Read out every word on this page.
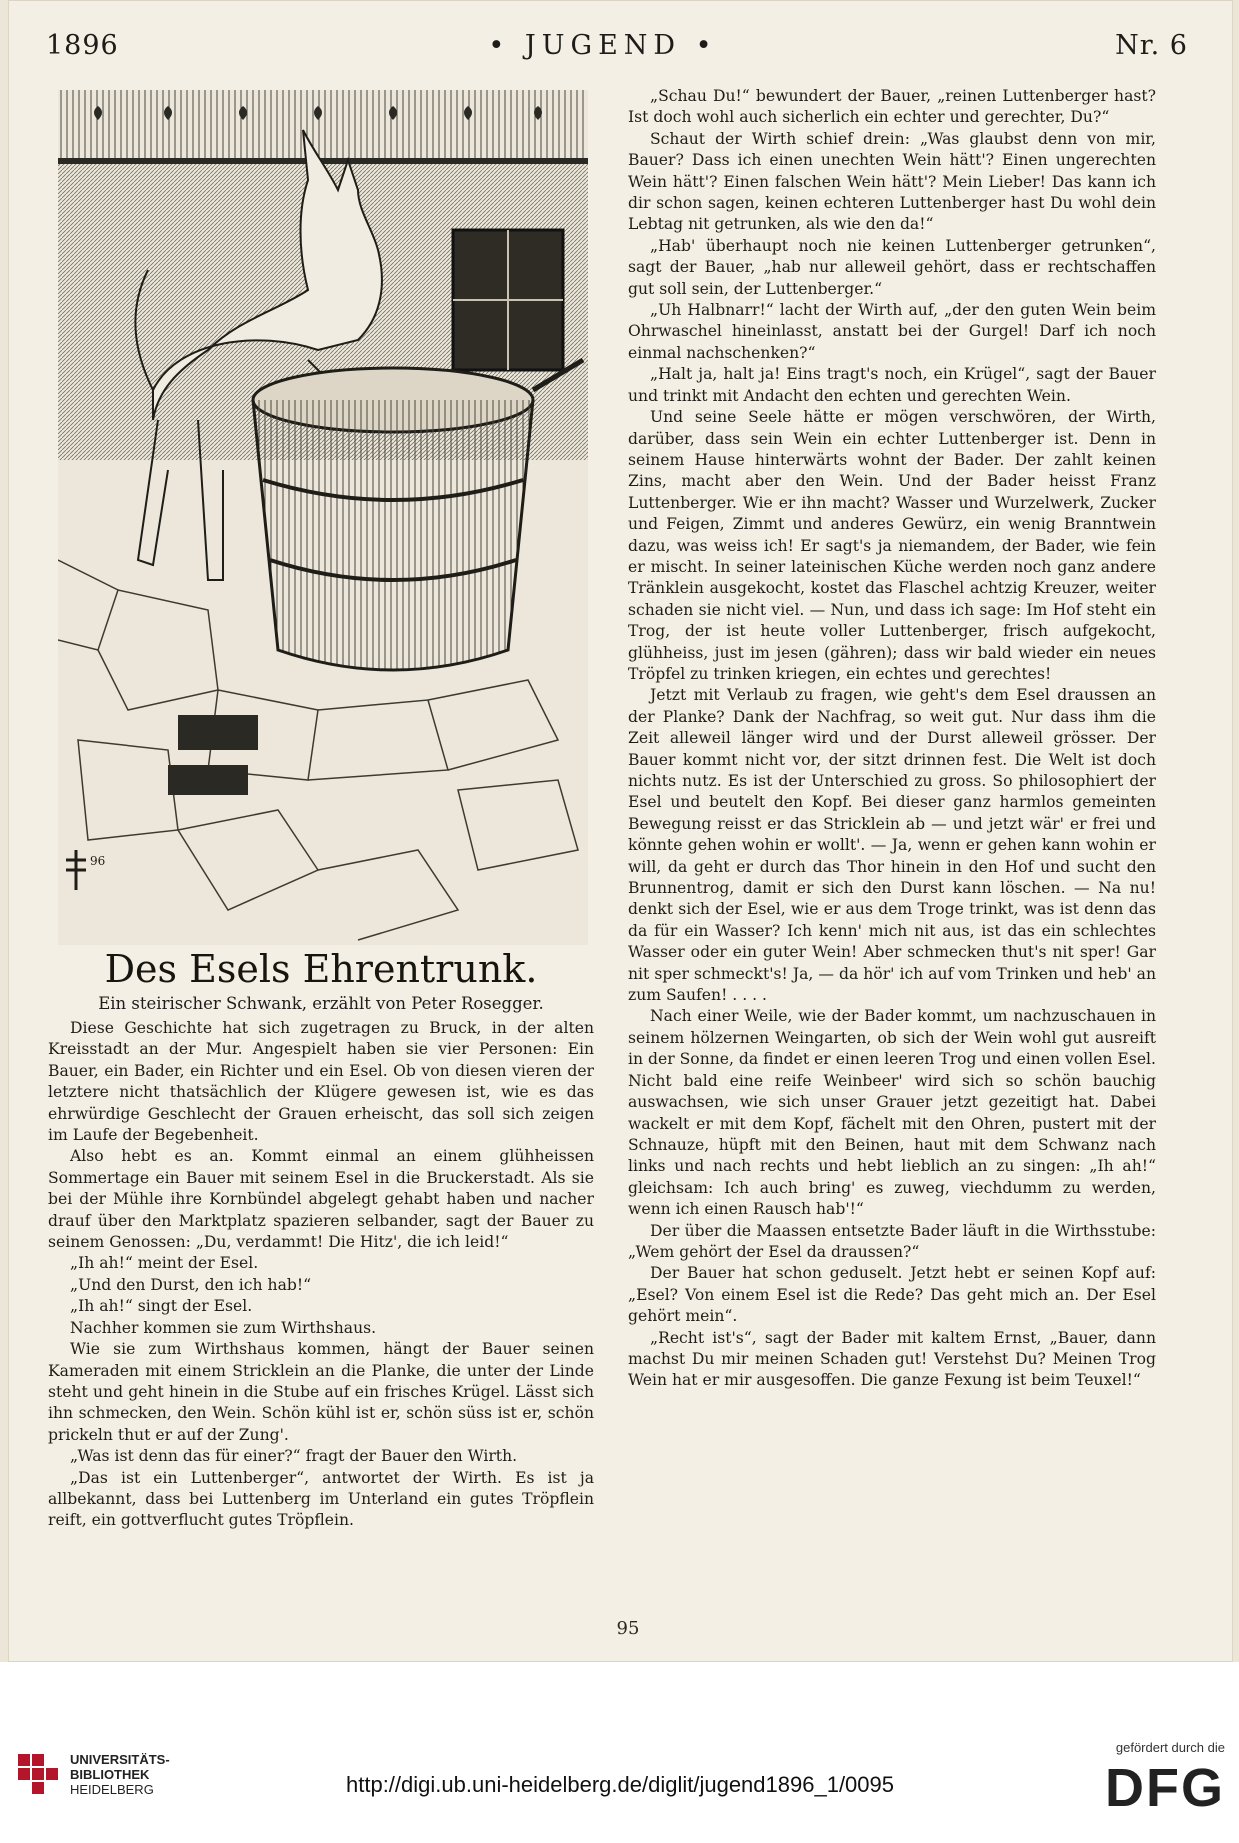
1896	• JUGEND •	Nr. 6
96
Des Esels Ehrentrunk.
Ein steirischer Schwank, erzählt von Peter Rosegger.

Diese Geschichte hat sich zugetragen zu Bruck, in der alten Kreisstadt an der Mur. Angespielt haben sie vier Personen: Ein Bauer, ein Bader, ein Richter und ein Esel. Ob von diesen vieren der letztere nicht thatsächlich der Klügere gewesen ist, wie es das ehrwürdige Geschlecht der Grauen erheischt, das soll sich zeigen im Laufe der Begebenheit.

Also hebt es an. Kommt einmal an einem glühheissen Sommertage ein Bauer mit seinem Esel in die Bruckerstadt. Als sie bei der Mühle ihre Kornbündel abgelegt gehabt haben und nacher drauf über den Marktplatz spazieren selbander, sagt der Bauer zu seinem Genossen: „Du, verdammt! Die Hitz', die ich leid!“

„Ih ah!“ meint der Esel.

„Und den Durst, den ich hab!“

„Ih ah!“ singt der Esel.

Nachher kommen sie zum Wirthshaus.

Wie sie zum Wirthshaus kommen, hängt der Bauer seinen Kameraden mit einem Stricklein an die Planke, die unter der Linde steht und geht hinein in die Stube auf ein frisches Krügel. Lässt sich ihn schmecken, den Wein. Schön kühl ist er, schön süss ist er, schön prickeln thut er auf der Zung'.

„Was ist denn das für einer?“ fragt der Bauer den Wirth.

„Das ist ein Luttenberger“, antwortet der Wirth. Es ist ja allbekannt, dass bei Luttenberg im Unterland ein gutes Tröpflein reift, ein gottverflucht gutes Tröpflein.

„Schau Du!“ bewundert der Bauer, „reinen Luttenberger hast? Ist doch wohl auch sicherlich ein echter und gerechter, Du?“

Schaut der Wirth schief drein: „Was glaubst denn von mir, Bauer? Dass ich einen unechten Wein hätt'? Einen ungerechten Wein hätt'? Einen falschen Wein hätt'? Mein Lieber! Das kann ich dir schon sagen, keinen echteren Luttenberger hast Du wohl dein Lebtag nit getrunken, als wie den da!“

„Hab' überhaupt noch nie keinen Luttenberger getrunken“, sagt der Bauer, „hab nur alleweil gehört, dass er rechtschaffen gut soll sein, der Luttenberger.“

„Uh Halbnarr!“ lacht der Wirth auf, „der den guten Wein beim Ohrwaschel hineinlasst, anstatt bei der Gurgel! Darf ich noch einmal nachschenken?“

„Halt ja, halt ja! Eins tragt's noch, ein Krügel“, sagt der Bauer und trinkt mit Andacht den echten und gerechten Wein.

Und seine Seele hätte er mögen verschwören, der Wirth, darüber, dass sein Wein ein echter Luttenberger ist. Denn in seinem Hause hinterwärts wohnt der Bader. Der zahlt keinen Zins, macht aber den Wein. Und der Bader heisst Franz Luttenberger. Wie er ihn macht? Wasser und Wurzelwerk, Zucker und Feigen, Zimmt und anderes Gewürz, ein wenig Branntwein dazu, was weiss ich! Er sagt's ja niemandem, der Bader, wie fein er mischt. In seiner lateinischen Küche werden noch ganz andere Tränklein ausgekocht, kostet das Flaschel achtzig Kreuzer, weiter schaden sie nicht viel. — Nun, und dass ich sage: Im Hof steht ein Trog, der ist heute voller Luttenberger, frisch aufgekocht, glühheiss, just im jesen (gähren); dass wir bald wieder ein neues Tröpfel zu trinken kriegen, ein echtes und gerechtes!

Jetzt mit Verlaub zu fragen, wie geht's dem Esel draussen an der Planke? Dank der Nachfrag, so weit gut. Nur dass ihm die Zeit alleweil länger wird und der Durst alleweil grösser. Der Bauer kommt nicht vor, der sitzt drinnen fest. Die Welt ist doch nichts nutz. Es ist der Unterschied zu gross. So philosophiert der Esel und beutelt den Kopf. Bei dieser ganz harmlos gemeinten Bewegung reisst er das Stricklein ab — und jetzt wär' er frei und könnte gehen wohin er wollt'. — Ja, wenn er gehen kann wohin er will, da geht er durch das Thor hinein in den Hof und sucht den Brunnentrog, damit er sich den Durst kann löschen. — Na nu! denkt sich der Esel, wie er aus dem Troge trinkt, was ist denn das da für ein Wasser? Ich kenn' mich nit aus, ist das ein schlechtes Wasser oder ein guter Wein! Aber schmecken thut's nit sper! Gar nit sper schmeckt's! Ja, — da hör' ich auf vom Trinken und heb' an zum Saufen! . . . .

Nach einer Weile, wie der Bader kommt, um nachzuschauen in seinem hölzernen Weingarten, ob sich der Wein wohl gut ausreift in der Sonne, da findet er einen leeren Trog und einen vollen Esel. Nicht bald eine reife Weinbeer' wird sich so schön bauchig auswachsen, wie sich unser Grauer jetzt gezeitigt hat. Dabei wackelt er mit dem Kopf, fächelt mit den Ohren, pustert mit der Schnauze, hüpft mit den Beinen, haut mit dem Schwanz nach links und nach rechts und hebt lieblich an zu singen: „Ih ah!“ gleichsam: Ich auch bring' es zuweg, viechdumm zu werden, wenn ich einen Rausch hab'!“

Der über die Maassen entsetzte Bader läuft in die Wirthsstube: „Wem gehört der Esel da draussen?“

Der Bauer hat schon geduselt. Jetzt hebt er seinen Kopf auf: „Esel? Von einem Esel ist die Rede? Das geht mich an. Der Esel gehört mein“.

„Recht ist's“, sagt der Bader mit kaltem Ernst, „Bauer, dann machst Du mir meinen Schaden gut! Verstehst Du? Meinen Trog Wein hat er mir ausgesoffen. Die ganze Fexung ist beim Teuxel!“

95
UNIVERSITÄTS-
BIBLIOTHEK
HEIDELBERG	http://digi.ub.uni-heidelberg.de/diglit/jugend1896_1/0095
gefördert durch die
DFG
